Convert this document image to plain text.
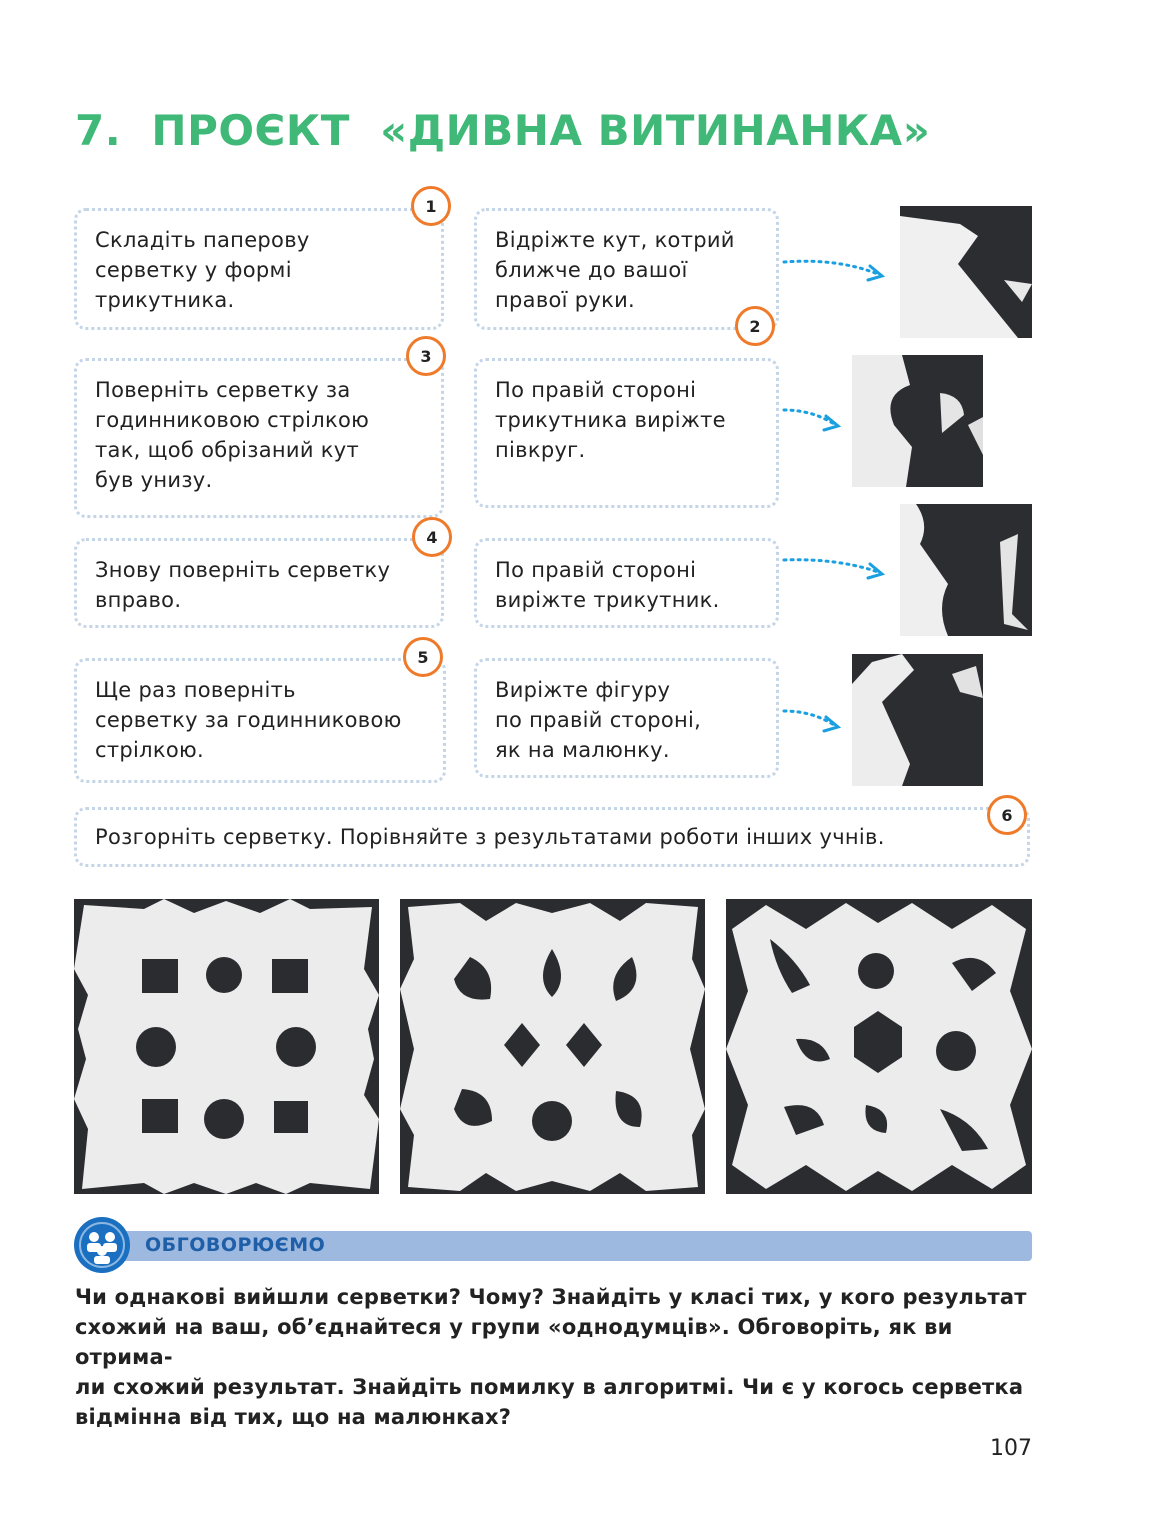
7.  ПРОЄКТ  «ДИВНА ВИТИНАНКА»

Складіть паперову
серветку у формі
трикутника.

1

Відріжте кут, котрий
ближче до вашої
правої руки.

2

Поверніть серветку за
годинниковою стрілкою
так, щоб обрізаний кут
був унизу.

3

По правій стороні
трикутника виріжте
півкруг.

Знову поверніть серветку
вправо.

4

По правій стороні
виріжте трикутник.

Ще раз поверніть
серветку за годинниковою
стрілкою.

5

Виріжте фігуру
по правій стороні,
як на малюнку.

Розгорніть серветку. Порівняйте з результатами роботи інших учнів.

6
ОБГОВОРЮЄМО

Чи однакові вийшли серветки? Чому? Знайдіть у класі тих, у кого результат
схожий на ваш, об’єднайтеся у групи «однодумців». Обговоріть, як ви отрима-
ли схожий результат. Знайдіть помилку в алгоритмі. Чи є у когось серветка
відмінна від тих, що на малюнках?

107
